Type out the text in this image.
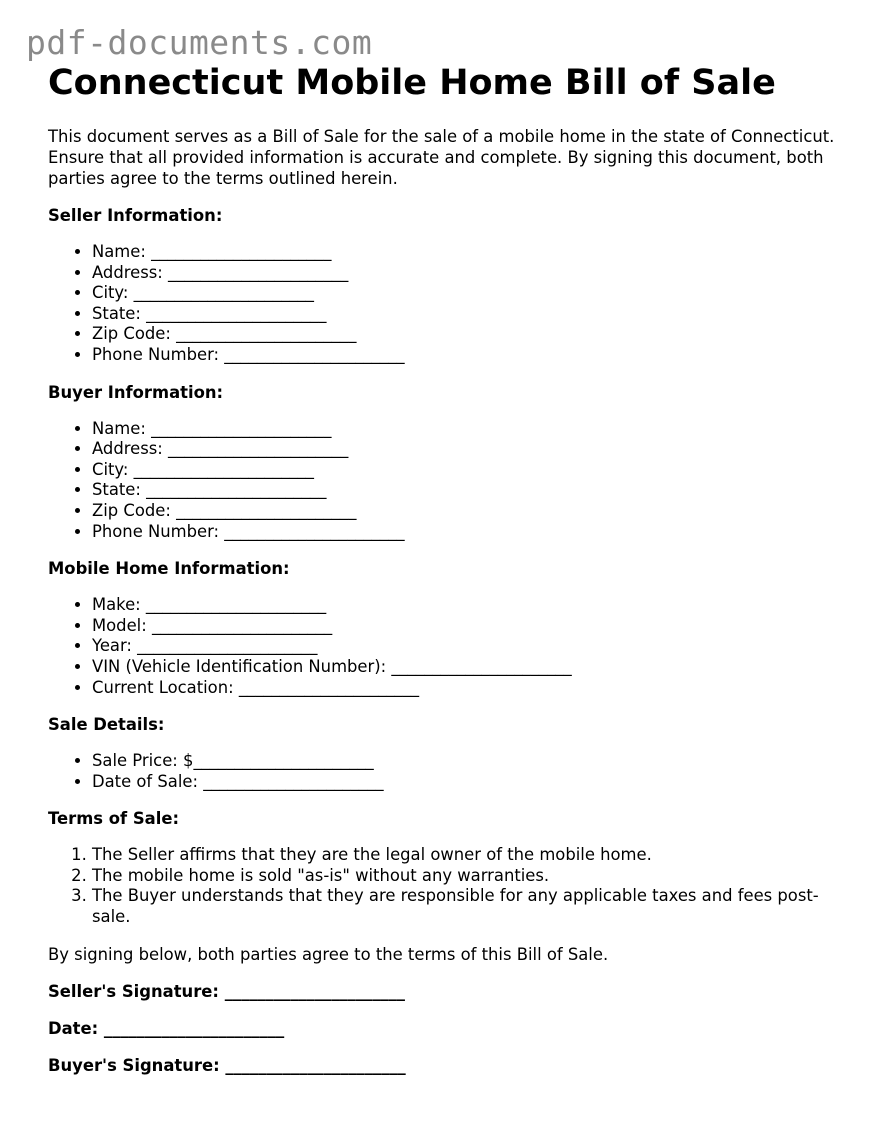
pdf-documents.com
Connecticut Mobile Home Bill of Sale

This document serves as a Bill of Sale for the sale of a mobile home in the state of Connecticut. Ensure that all provided information is accurate and complete. By signing this document, both parties agree to the terms outlined herein.

Seller Information:

• Name: ______________________
• Address: ______________________
• City: ______________________
• State: ______________________
• Zip Code: ______________________
• Phone Number: ______________________

Buyer Information:

• Name: ______________________
• Address: ______________________
• City: ______________________
• State: ______________________
• Zip Code: ______________________
• Phone Number: ______________________

Mobile Home Information:

• Make: ______________________
• Model: ______________________
• Year: ______________________
• VIN (Vehicle Identification Number): ______________________
• Current Location: ______________________

Sale Details:

• Sale Price: $______________________
• Date of Sale: ______________________

Terms of Sale:

1. The Seller affirms that they are the legal owner of the mobile home.
2. The mobile home is sold "as-is" without any warranties.
3. The Buyer understands that they are responsible for any applicable taxes and fees post-sale.

By signing below, both parties agree to the terms of this Bill of Sale.

Seller's Signature: ______________________

Date: ______________________

Buyer's Signature: ______________________
